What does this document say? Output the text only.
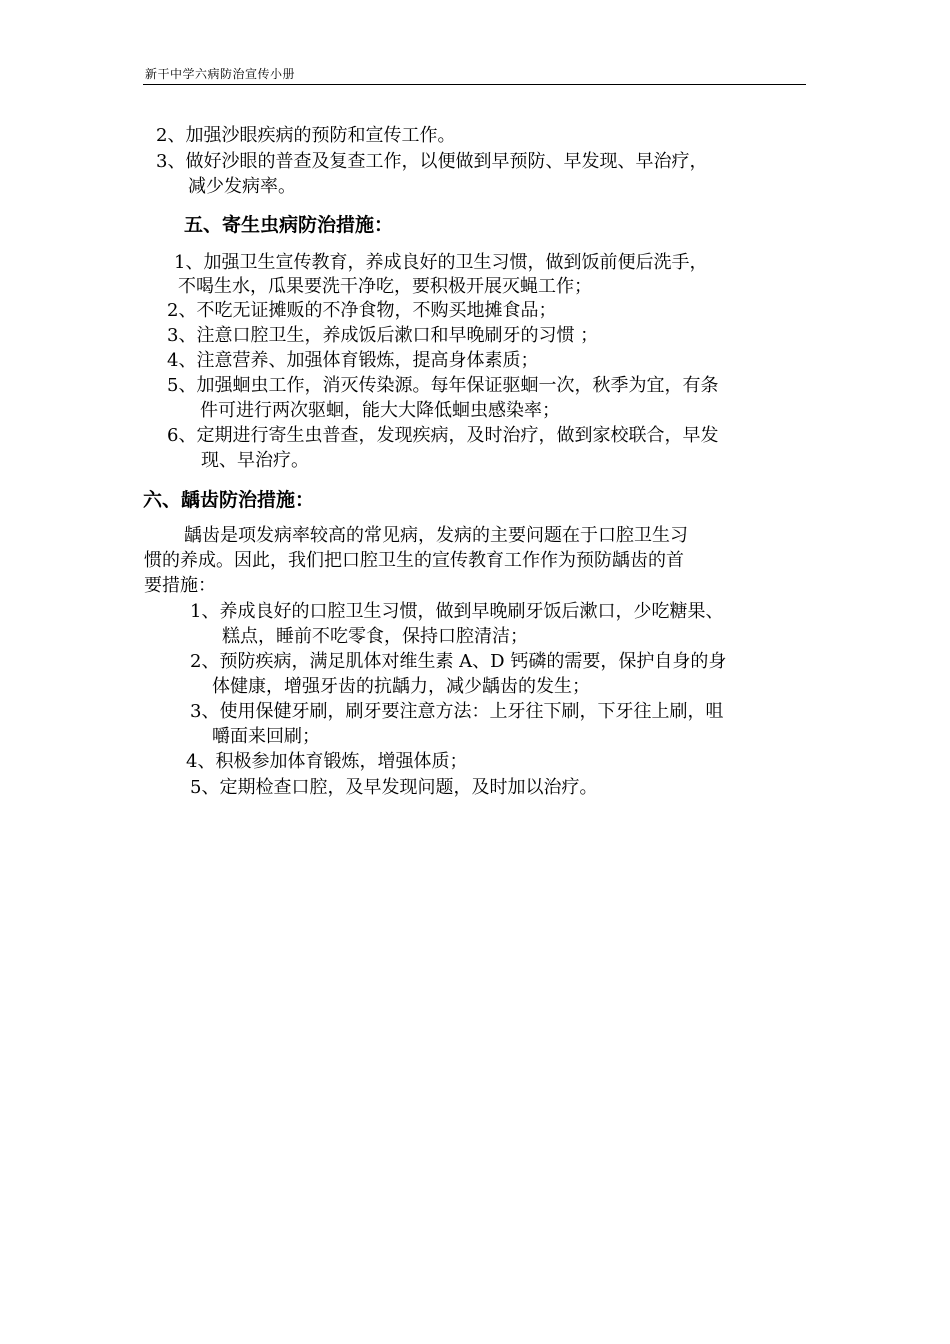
新干中学六病防治宣传小册
2、加强沙眼疾病的预防和宣传工作。
3、做好沙眼的普查及复查工作，以便做到早预防、早发现、早治疗，
减少发病率。
五、寄生虫病防治措施：
1、加强卫生宣传教育，养成良好的卫生习惯，做到饭前便后洗手，
不喝生水，瓜果要洗干净吃，要积极开展灭蝇工作；
2、不吃无证摊贩的不净食物，不购买地摊食品；
3、注意口腔卫生，养成饭后漱口和早晚刷牙的习惯 ；
4、注意营养、加强体育锻炼，提高身体素质；
5、加强蛔虫工作，消灭传染源。每年保证驱蛔一次，秋季为宜，有条
件可进行两次驱蛔，能大大降低蛔虫感染率；
6、定期进行寄生虫普查，发现疾病，及时治疗，做到家校联合，早发
现、早治疗。
六、龋齿防治措施：
龋齿是项发病率较高的常见病，发病的主要问题在于口腔卫生习
惯的养成。因此，我们把口腔卫生的宣传教育工作作为预防龋齿的首
要措施：
1、养成良好的口腔卫生习惯，做到早晚刷牙饭后漱口，少吃糖果、
糕点，睡前不吃零食，保持口腔清洁；
2、预防疾病，满足肌体对维生素 A、D 钙磷的需要，保护自身的身
体健康，增强牙齿的抗龋力，减少龋齿的发生；
3、使用保健牙刷，刷牙要注意方法：上牙往下刷，下牙往上刷，咀
嚼面来回刷；
4、积极参加体育锻炼，增强体质；
5、定期检查口腔，及早发现问题，及时加以治疗。
